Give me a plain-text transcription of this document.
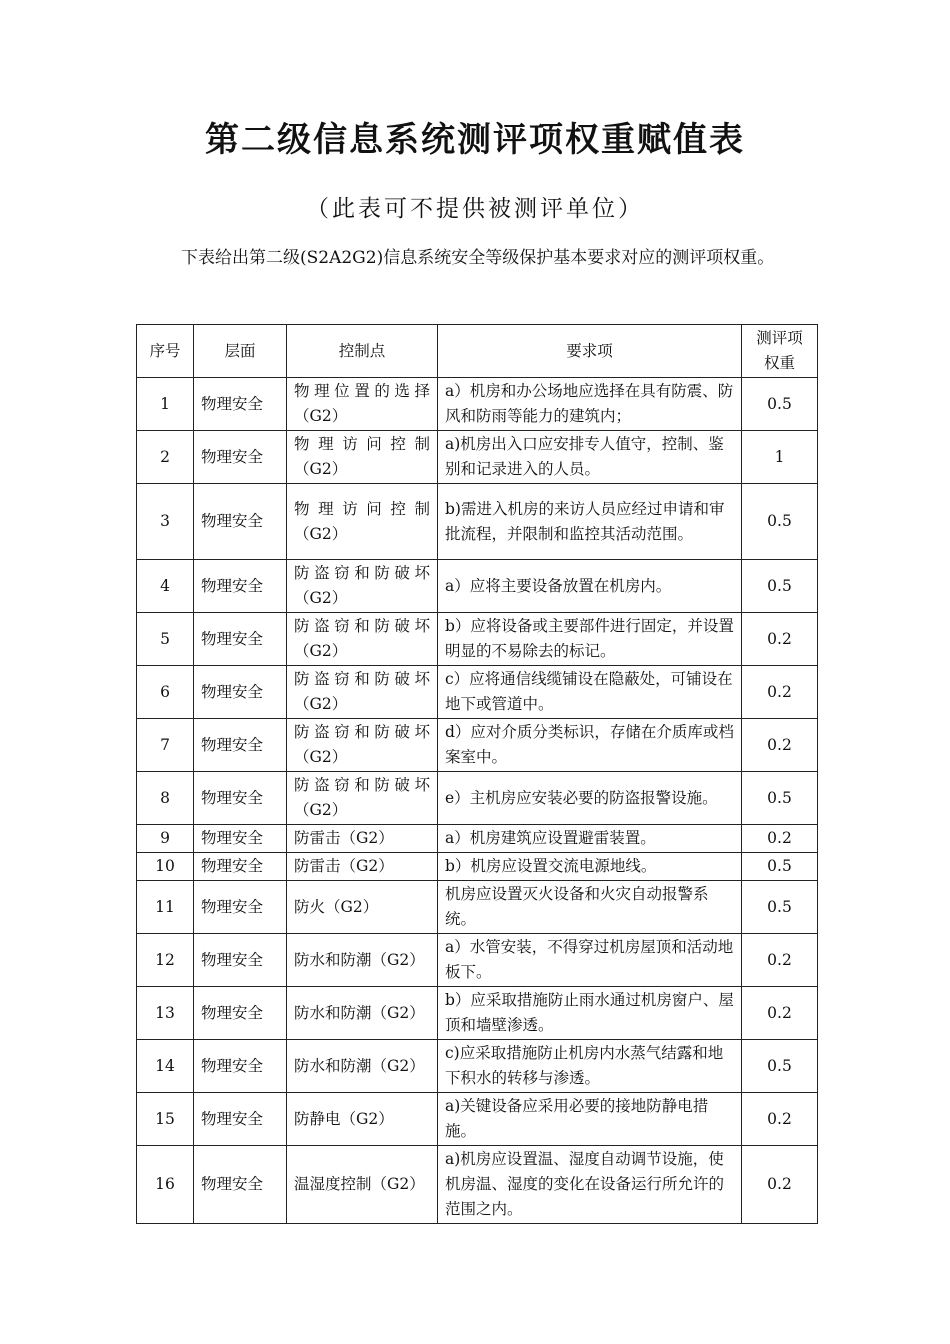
第二级信息系统测评项权重赋值表
（此表可不提供被测评单位）
下表给出第二级(S2A2G2)信息系统安全等级保护基本要求对应的测评项权重。
序号	层面	控制点	要求项	测评项权重
1	物理安全	物理位置的选择（G2）	a）机房和办公场地应选择在具有防震、防风和防雨等能力的建筑内；	0.5
2	物理安全	物理访问控制（G2）	a)机房出入口应安排专人值守，控制、鉴别和记录进入的人员。	1
3	物理安全	物理访问控制（G2）	b)需进入机房的来访人员应经过申请和审批流程，并限制和监控其活动范围。	0.5
4	物理安全	防盗窃和防破坏（G2）	a）应将主要设备放置在机房内。	0.5
5	物理安全	防盗窃和防破坏（G2）	b）应将设备或主要部件进行固定，并设置明显的不易除去的标记。	0.2
6	物理安全	防盗窃和防破坏（G2）	c）应将通信线缆铺设在隐蔽处，可铺设在地下或管道中。	0.2
7	物理安全	防盗窃和防破坏（G2）	d）应对介质分类标识，存储在介质库或档案室中。	0.2
8	物理安全	防盗窃和防破坏（G2）	e）主机房应安装必要的防盗报警设施。	0.5
9	物理安全	防雷击（G2）	a）机房建筑应设置避雷装置。	0.2
10	物理安全	防雷击（G2）	b）机房应设置交流电源地线。	0.5
11	物理安全	防火（G2）	机房应设置灭火设备和火灾自动报警系统。	0.5
12	物理安全	防水和防潮（G2）	a）水管安装，不得穿过机房屋顶和活动地板下。	0.2
13	物理安全	防水和防潮（G2）	b）应采取措施防止雨水通过机房窗户、屋顶和墙壁渗透。	0.2
14	物理安全	防水和防潮（G2）	c)应采取措施防止机房内水蒸气结露和地下积水的转移与渗透。	0.5
15	物理安全	防静电（G2）	a)关键设备应采用必要的接地防静电措施。	0.2
16	物理安全	温湿度控制（G2）	a)机房应设置温、湿度自动调节设施，使机房温、湿度的变化在设备运行所允许的范围之内。	0.2
